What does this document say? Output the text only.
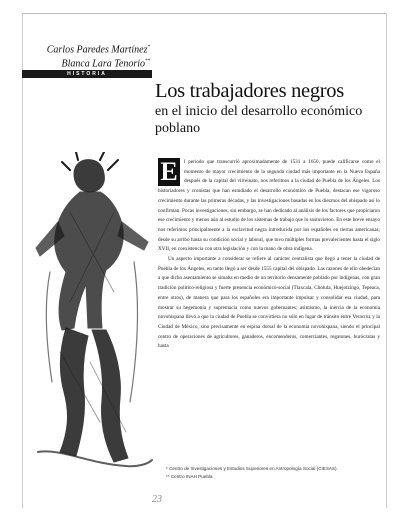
Carlos Paredes Martínez*
Blanca Lara Tenorio**
HISTORIA
Los trabajadores negros
en el inicio del desarrollo económico poblano

E	l periodo que transcurrió aproximadamente de 1531 a 1650, puede calificarse como el momento de mayor crecimiento de la segunda ciudad más importante en la Nueva España después de la capital del virreinato, nos referimos a la ciudad de Puebla de los Ángeles. Los historiadores y cronistas que han estudiado el desarrollo económico de Puebla, destacan ese vigoroso crecimiento durante las primeras décadas, y las investigaciones basadas en los diezmos del obispado así lo confirman. Pocas investigaciones, sin embargo, se han dedicado al análisis de los factores que propiciaron ese crecimiento y menos aún al estudio de los sistemas de trabajo que lo sostuvieron. En este breve ensayo nos referimos principalmente a la esclavitud negra introducida por los españoles en tierras americanas; desde su arribo hasta su condición social y laboral, que tuvo múltiples formas prevalecientes hasta el siglo XVII, en coexistencia con otra legislación y con la mano de obra indígena.

Un aspecto importante a considerar se refiere al carácter centralista que llegó a tener la ciudad de Puebla de los Ángeles, en tanto llegó a ser desde 1555 capital del obispado. Las razones de ello obedecían a que dicho asentamiento se situaba en medio de un territorio densamente poblado por indígenas, con gran tradición político-religiosa y fuerte presencia económico-social (Tlaxcala, Cholula, Huejotzingo, Tepeaca, entre otros), de manera que para los españoles era importante impulsar y consolidar esa ciudad, para mostrar su hegemonía y supremacía como nuevos gobernantes; asimismo, la inercia de la economía novohispana llevó a que la ciudad de Puebla se convirtiera no sólo en lugar de tránsito entre Veracruz y la Ciudad de México, sino precisamente en espina dorsal de la economía novohispana, siendo el principal centro de operaciones de agricultores, ganaderos, encomenderos, comerciantes, regatones, burócratas y hasta

* Centro de Investigaciones y Estudios Superiores en Antropología Social (CIESAS).
** Centro INAH Puebla.
23
